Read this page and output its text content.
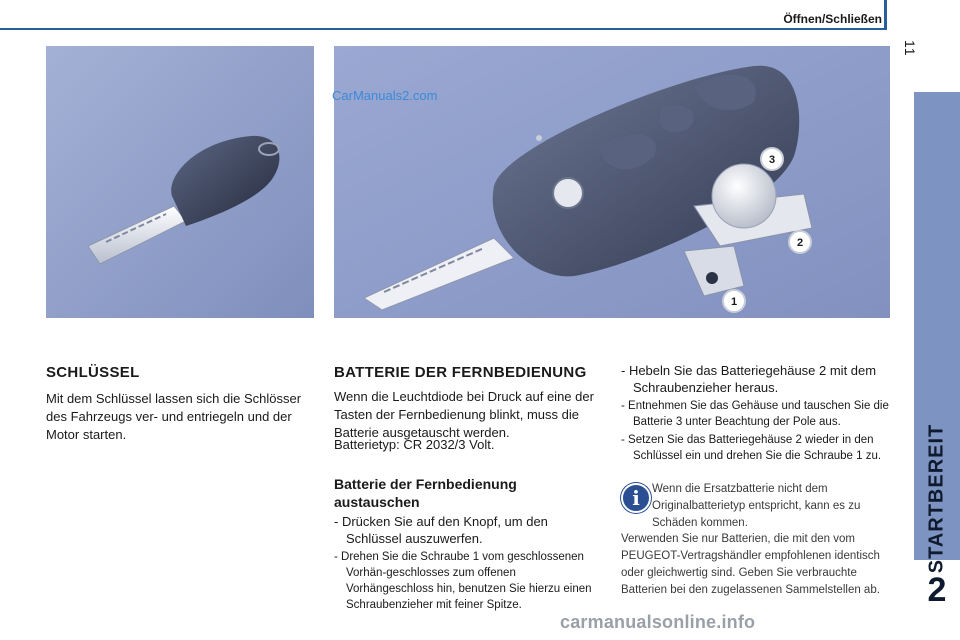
Öffnen/Schließen
11
STARTBEREIT
2
3
2
1
CarManuals2.com
SCHLÜSSEL
Mit dem Schlüssel lassen sich die Schlösser des Fahrzeugs ver- und entriegeln und der Motor starten.
BATTERIE DER FERNBEDIENUNG
Wenn die Leuchtdiode bei Druck auf eine der Tasten der Fernbedienung blinkt, muss die Batterie ausgetauscht werden.
Batterietyp: CR 2032/3 Volt.
Batterie der Fernbedienung austauschen

- Drücken Sie auf den Knopf, um den Schlüssel auszuwerfen.

- Drehen Sie die Schraube 1 vom geschlossenen Vorhän-geschlosses zum offenen Vorhängeschloss hin, benutzen Sie hierzu einen Schraubenzieher mit feiner Spitze.

- Hebeln Sie das Batteriegehäuse 2 mit dem Schraubenzieher heraus.

- Entnehmen Sie das Gehäuse und tauschen Sie die Batterie 3 unter Beachtung der Pole aus.

- Setzen Sie das Batteriegehäuse 2 wieder in den Schlüssel ein und drehen Sie die Schraube 1 zu.

i	Wenn die Ersatzbatterie nicht dem Originalbatterietyp entspricht, kann es zu Schäden kommen.
Verwenden Sie nur Batterien, die mit den vom PEUGEOT-Vertragshändler empfohlenen identisch oder gleichwertig sind. Geben Sie verbrauchte Batterien bei den zugelassenen Sammelstellen ab.
carmanualsonline.info
